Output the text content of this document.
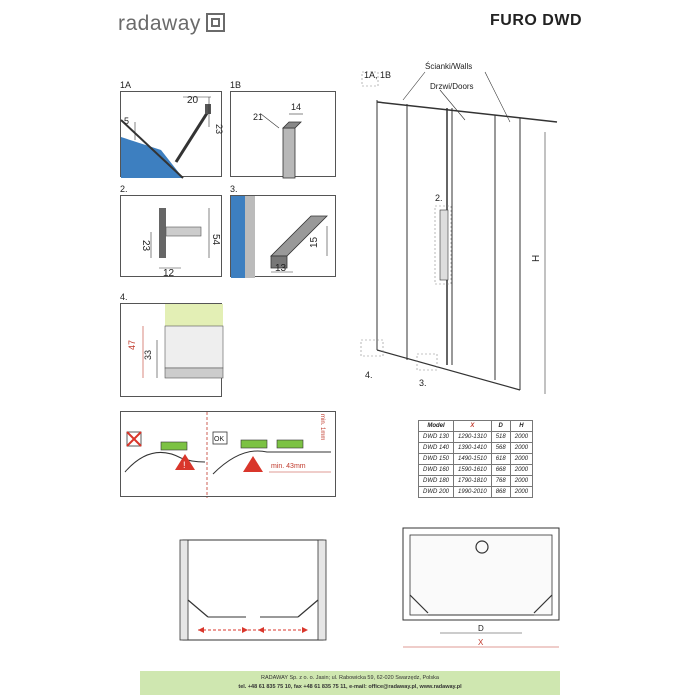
radaway	FURO DWD
1A
20
5
23
1B
14
21
2.
54
23
12
3.
15
13
4.
47
33
!
OK	min. 1mm
min. 43mm
1A, 1B
Ścianki/Walls
Drzwi/Doors
2.
4.
3.
H
Model	X	D	H
DWD 130	1290-1310	518	2000
DWD 140	1390-1410	568	2000
DWD 150	1490-1510	618	2000
DWD 160	1590-1610	668	2000
DWD 180	1790-1810	768	2000
DWD 200	1990-2010	868	2000
D
X
RADAWAY Sp. z o. o. Jasin; ul. Rabowicka 59, 62-020 Swarzędz, Polska
tel. +48 61 835 75 10, fax +48 61 835 75 11, e-mail: office@radaway.pl, www.radaway.pl
